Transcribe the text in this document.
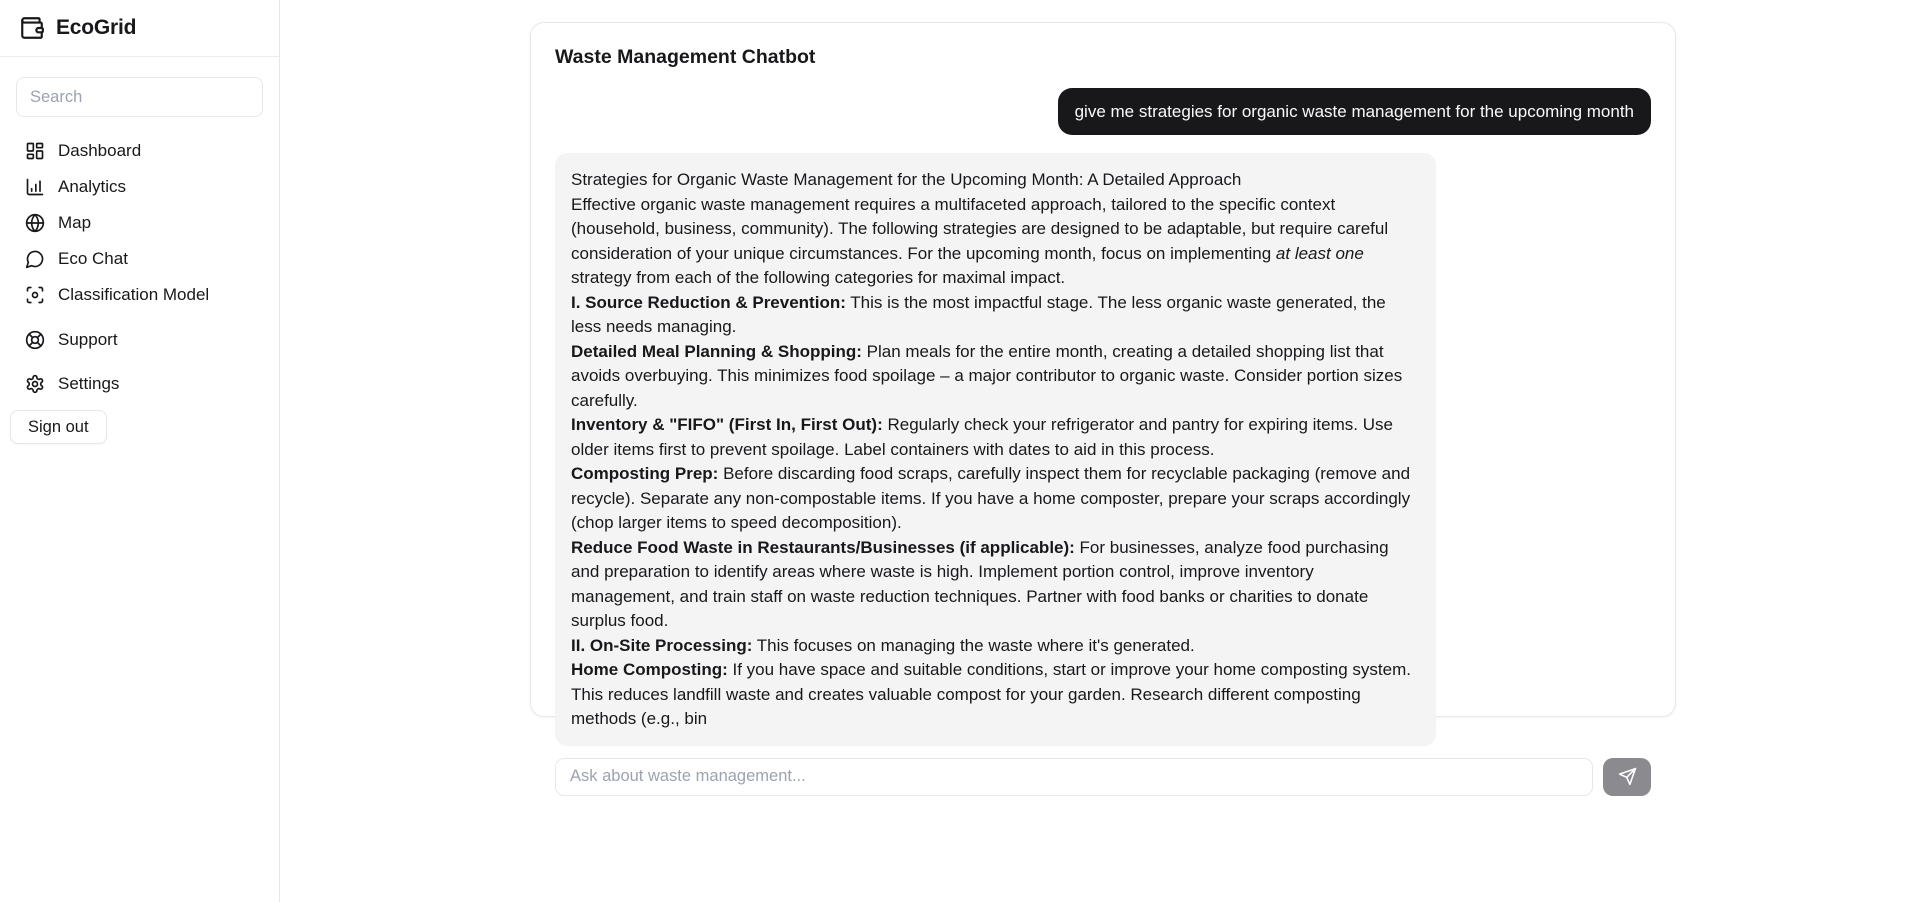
EcoGrid
Search
Dashboard
Analytics
Map
Eco Chat
Classification Model
Support
Settings
Sign out
Waste Management Chatbot
give me strategies for organic waste management for the upcoming month
Strategies for Organic Waste Management for the Upcoming Month: A Detailed Approach
Effective organic waste management requires a multifaceted approach, tailored to the specific context (household, business, community). The following strategies are designed to be adaptable, but require careful consideration of your unique circumstances. For the upcoming month, focus on implementing at least one strategy from each of the following categories for maximal impact.
I. Source Reduction & Prevention: This is the most impactful stage. The less organic waste generated, the less needs managing.
Detailed Meal Planning & Shopping: Plan meals for the entire month, creating a detailed shopping list that avoids overbuying. This minimizes food spoilage – a major contributor to organic waste. Consider portion sizes carefully.
Inventory & "FIFO" (First In, First Out): Regularly check your refrigerator and pantry for expiring items. Use older items first to prevent spoilage. Label containers with dates to aid in this process.
Composting Prep: Before discarding food scraps, carefully inspect them for recyclable packaging (remove and recycle). Separate any non-compostable items. If you have a home composter, prepare your scraps accordingly (chop larger items to speed decomposition).
Reduce Food Waste in Restaurants/Businesses (if applicable): For businesses, analyze food purchasing and preparation to identify areas where waste is high. Implement portion control, improve inventory management, and train staff on waste reduction techniques. Partner with food banks or charities to donate surplus food.
II. On-Site Processing: This focuses on managing the waste where it's generated.
Home Composting: If you have space and suitable conditions, start or improve your home composting system. This reduces landfill waste and creates valuable compost for your garden. Research different composting methods (e.g., bin
Ask about waste management...
